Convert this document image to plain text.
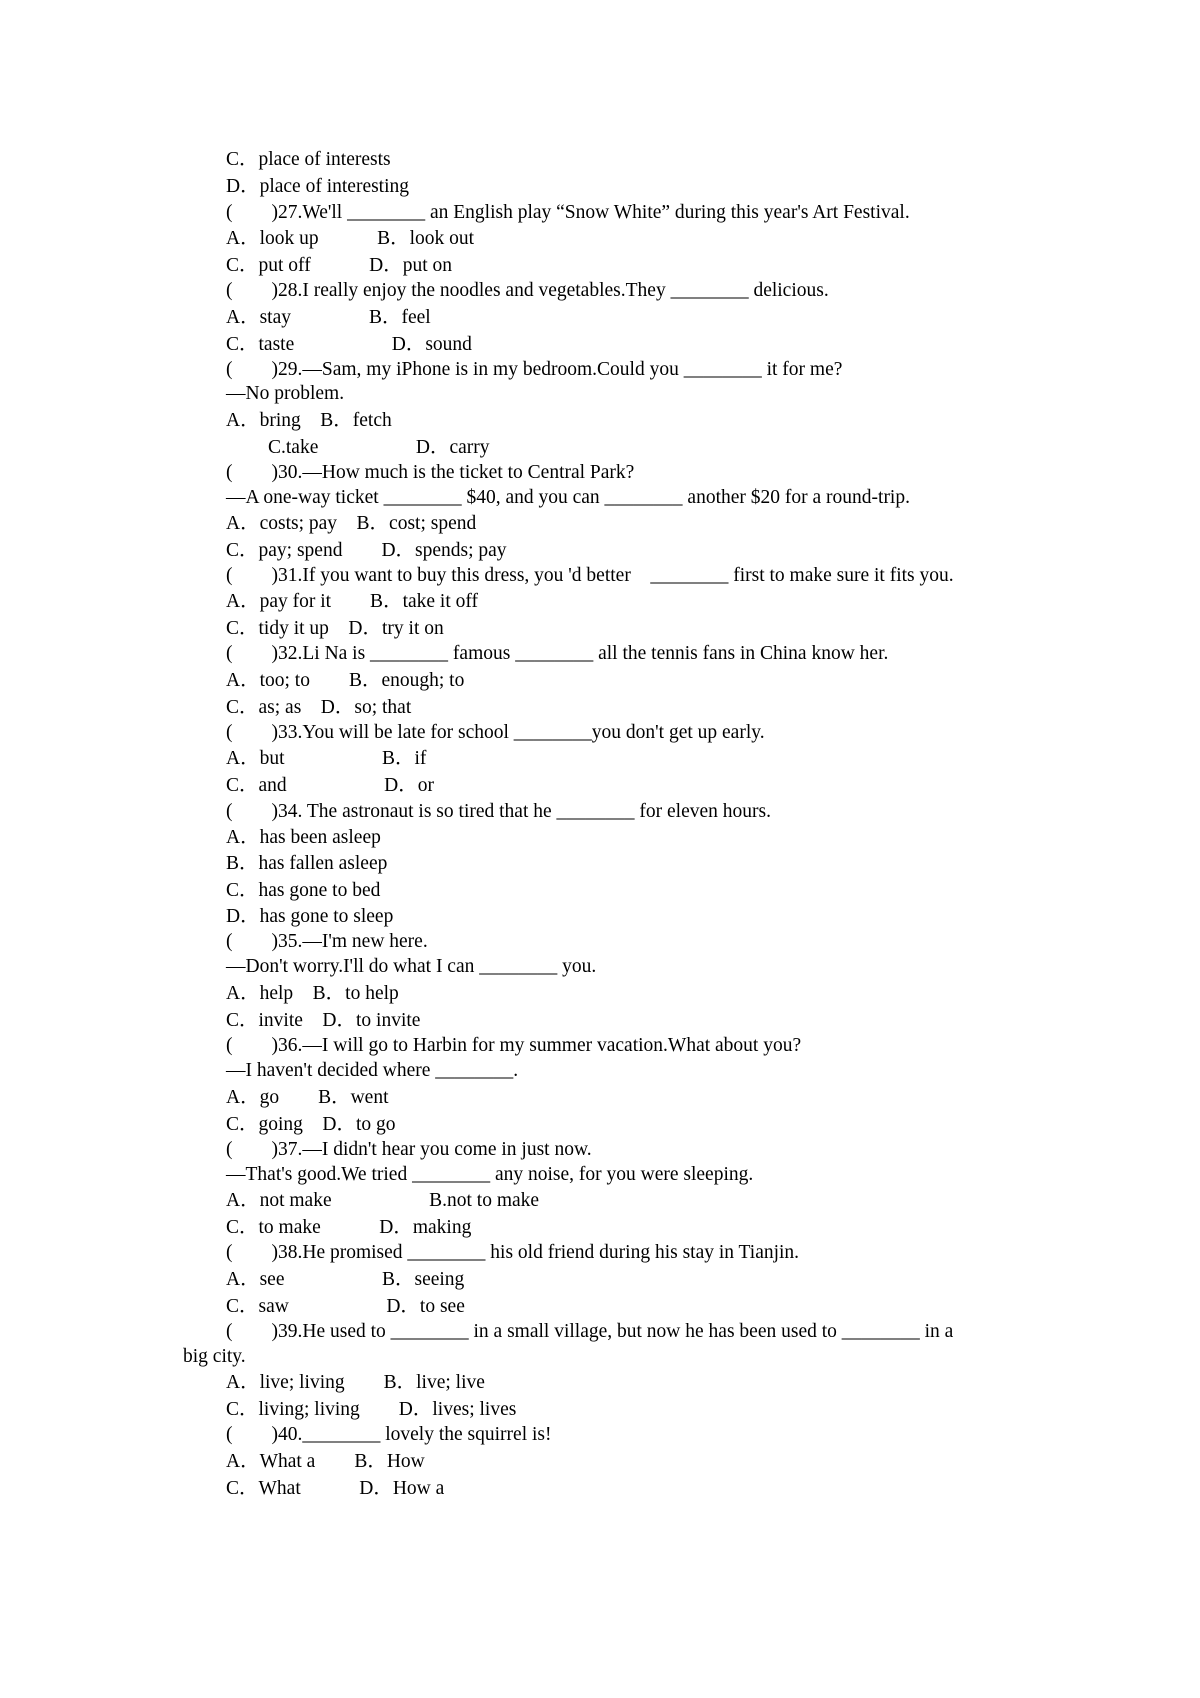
C．place of interests
D．place of interesting
(　　)27.We'll ________ an English play “Snow White” during this year's Art Festival.
A．look up　　　B．look out
C．put off　　　D．put on
(　　)28.I really enjoy the noodles and vegetables.They ________ delicious.
A．stay　　　　B．feel
C．taste　　　　　D．sound
(　　)29.—Sam, my iPhone is in my bedroom.Could you ________ it for me?
—No problem.
A．bring　B．fetch
C.take　　　　　D．carry
(　　)30.—How much is the ticket to Central Park?
—A one-way ticket ________ $40, and you can ________ another $20 for a round-trip.
A．costs; pay　B．cost; spend
C．pay; spend　　D．spends; pay
(　　)31.If you want to buy this dress, you 'd better　________ first to make sure it fits you.
A．pay for it　　B．take it off
C．tidy it up　D．try it on
(　　)32.Li Na is ________ famous ________ all the tennis fans in China know her.
A．too; to　　B．enough; to
C．as; as　D．so; that
(　　)33.You will be late for school ________you don't get up early.
A．but　　　　　B．if
C．and　　　　　D．or
(　　)34. The astronaut is so tired that he ________ for eleven hours.
A．has been asleep
B．has fallen asleep
C．has gone to bed
D．has gone to sleep
(　　)35.—I'm new here.
—Don't worry.I'll do what I can ________ you.
A．help　B．to help
C．invite　D．to invite
(　　)36.—I will go to Harbin for my summer vacation.What about you?
—I haven't decided where ________.
A．go　　B．went
C．going　D．to go
(　　)37.—I didn't hear you come in just now.
—That's good.We tried ________ any noise, for you were sleeping.
A．not make　　　　　B.not to make
C．to make　　　D．making
(　　)38.He promised ________ his old friend during his stay in Tianjin.
A．see　　　　　B．seeing
C．saw　　　　　D．to see
(　　)39.He used to ________ in a small village, but now he has been used to ________ in a
big city.
A．live; living　　B．live; live
C．living; living　　D．lives; lives
(　　)40.________ lovely the squirrel is!
A．What a　　B．How
C．What　　　D．How a
